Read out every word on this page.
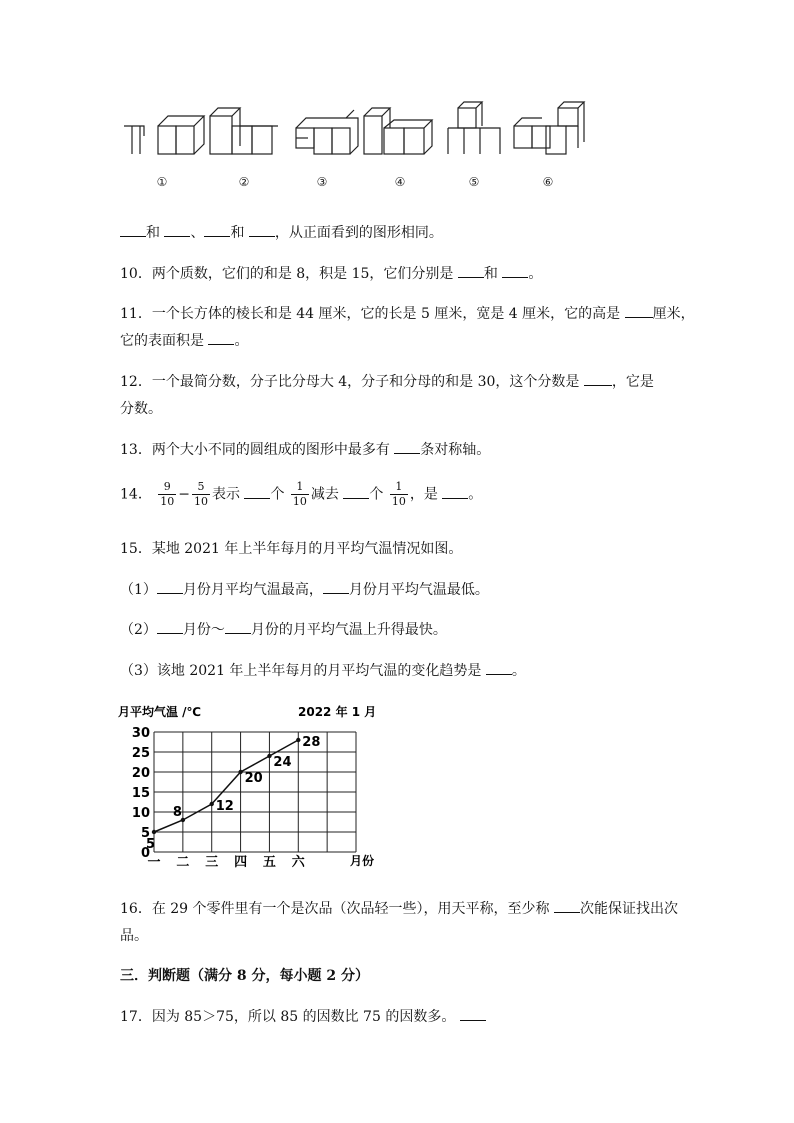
①	②	③	④	⑤	⑥
和 、 和 ，从正面看到的图形相同。
10．两个质数，它们的和是 8，积是 15，它们分别是 和 。
11．一个长方体的棱长和是 44 厘米，它的长是 5 厘米，宽是 4 厘米，它的高是 厘米，
它的表面积是 。
12．一个最简分数，分子比分母大 4，分子和分母的和是 30，这个分数是 ，它是
分数。
13．两个大小不同的圆组成的图形中最多有 条对称轴。
14． $\frac{9}{10} - \frac{5}{10}$ 表示 个 $\frac{1}{10}$ 减去 个 $\frac{1}{10}$ ，是 。
15．某地 2021 年上半年每月的月平均气温情况如图。
（1） 月份月平均气温最高， 月份月平均气温最低。
（2） 月份～ 月份的月平均气温上升得最快。
（3）该地 2021 年上半年每月的月平均气温的变化趋势是 。
月平均气温 /℃	2022 年 1 月
0
5
10
15
20
25
30
一 二 三 四 五 六
5
8	12
20
24
28
月份
16．在 29 个零件里有一个是次品（次品轻一些），用天平称，至少称 次能保证找出次
品。
三．判断题（满分 8 分，每小题 2 分）
17．因为 85＞75，所以 85 的因数比 75 的因数多。
